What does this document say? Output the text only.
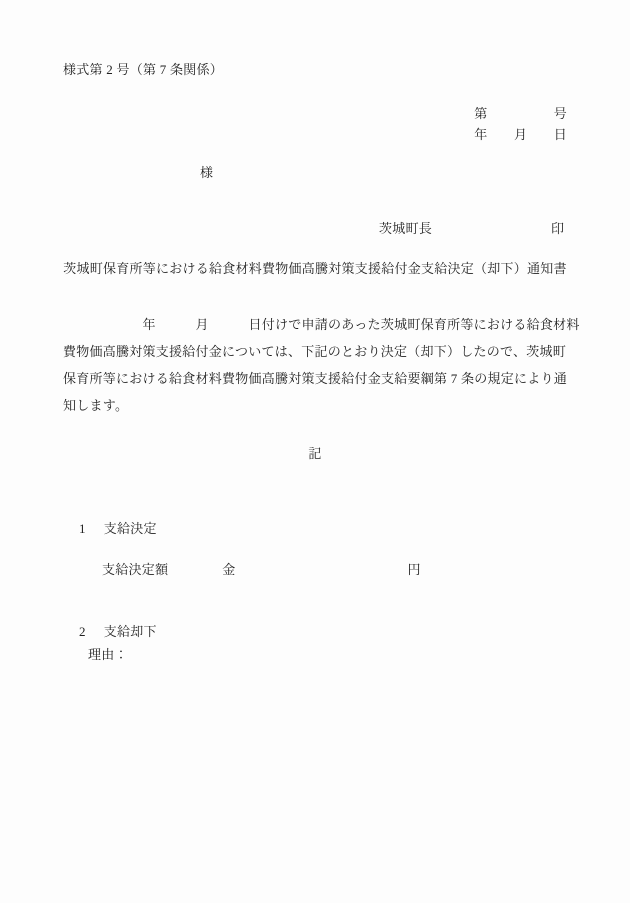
様式第 2 号（第 7 条関係）
第　　　　　号
年　　月　　日
様

茨城町長	印

茨城町保育所等における給食材料費物価高騰対策支援給付金支給決定（却下）通知書
　　　　　　年　　　月　　　日付けで申請のあった茨城町保育所等における給食材料
費物価高騰対策支援給付金については、下記のとおり決定（却下）したので、茨城町
保育所等における給食材料費物価高騰対策支援給付金支給要綱第 7 条の規定により通
知します。
記

1 支給決定

支給決定額	金	円

2 支給却下

理由：
